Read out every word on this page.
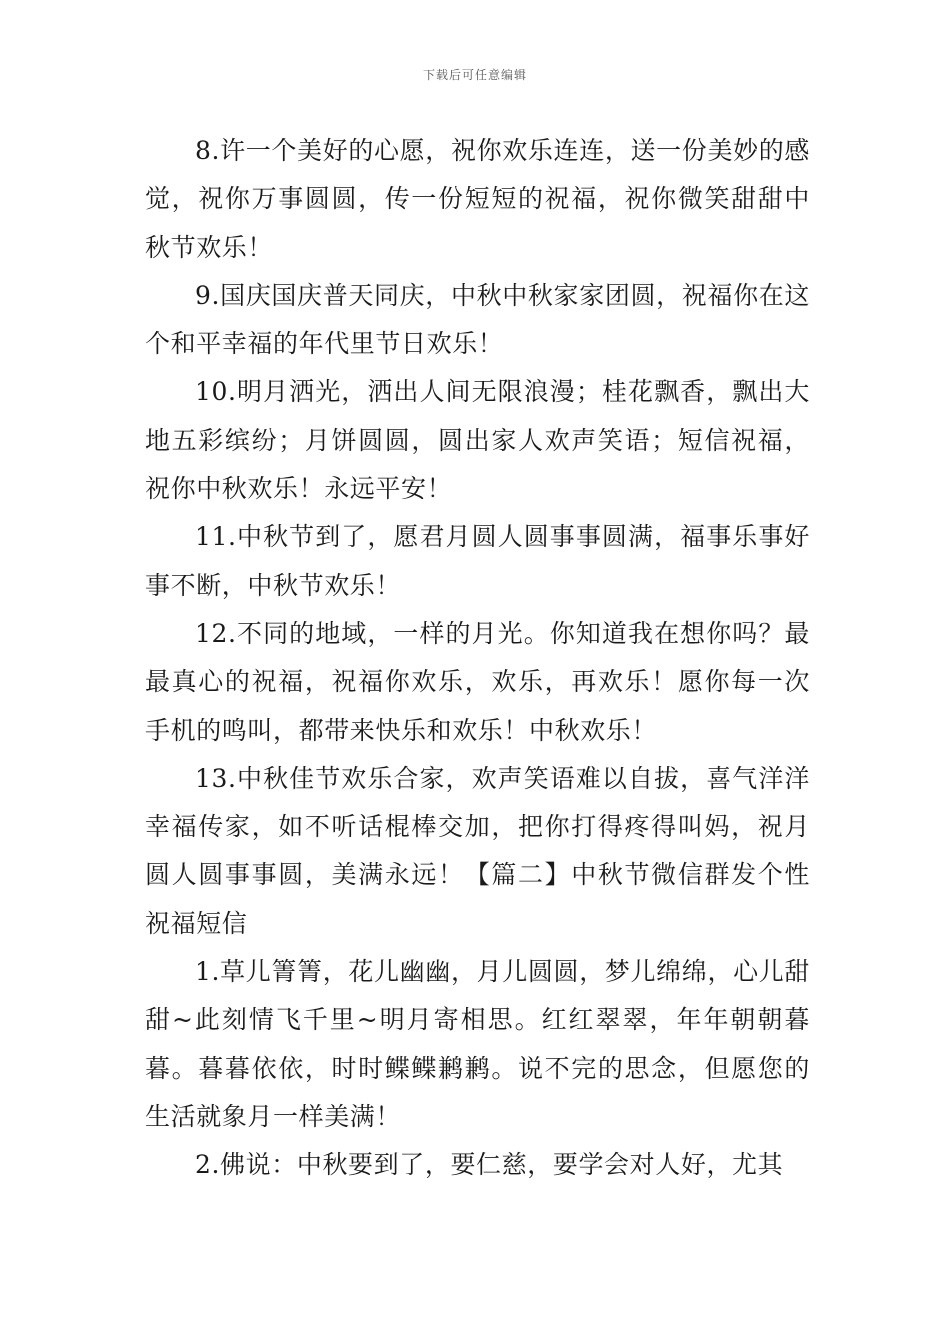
下载后可任意编辑

8.许一个美好的心愿，祝你欢乐连连，送一份美妙的感觉，祝你万事圆圆，传一份短短的祝福，祝你微笑甜甜中秋节欢乐！

9.国庆国庆普天同庆，中秋中秋家家团圆，祝福你在这个和平幸福的年代里节日欢乐！

10.明月洒光，洒出人间无限浪漫；桂花飘香，飘出大地五彩缤纷；月饼圆圆，圆出家人欢声笑语；短信祝福，祝你中秋欢乐！永远平安！

11.中秋节到了，愿君月圆人圆事事圆满，福事乐事好事不断，中秋节欢乐！

12.不同的地域，一样的月光。你知道我在想你吗？最最真心的祝福，祝福你欢乐，欢乐，再欢乐！愿你每一次手机的鸣叫，都带来快乐和欢乐！中秋欢乐！

13.中秋佳节欢乐合家，欢声笑语难以自拔，喜气洋洋幸福传家，如不听话棍棒交加，把你打得疼得叫妈，祝月圆人圆事事圆，美满永远！【篇二】中秋节微信群发个性祝福短信

1.草儿箐箐，花儿幽幽，月儿圆圆，梦儿绵绵，心儿甜甜~此刻情飞千里~明月寄相思。红红翠翠，年年朝朝暮暮。暮暮依依，时时鲽鲽鹣鹣。说不完的思念，但愿您的生活就象月一样美满！

2.佛说：中秋要到了，要仁慈，要学会对人好，尤其
